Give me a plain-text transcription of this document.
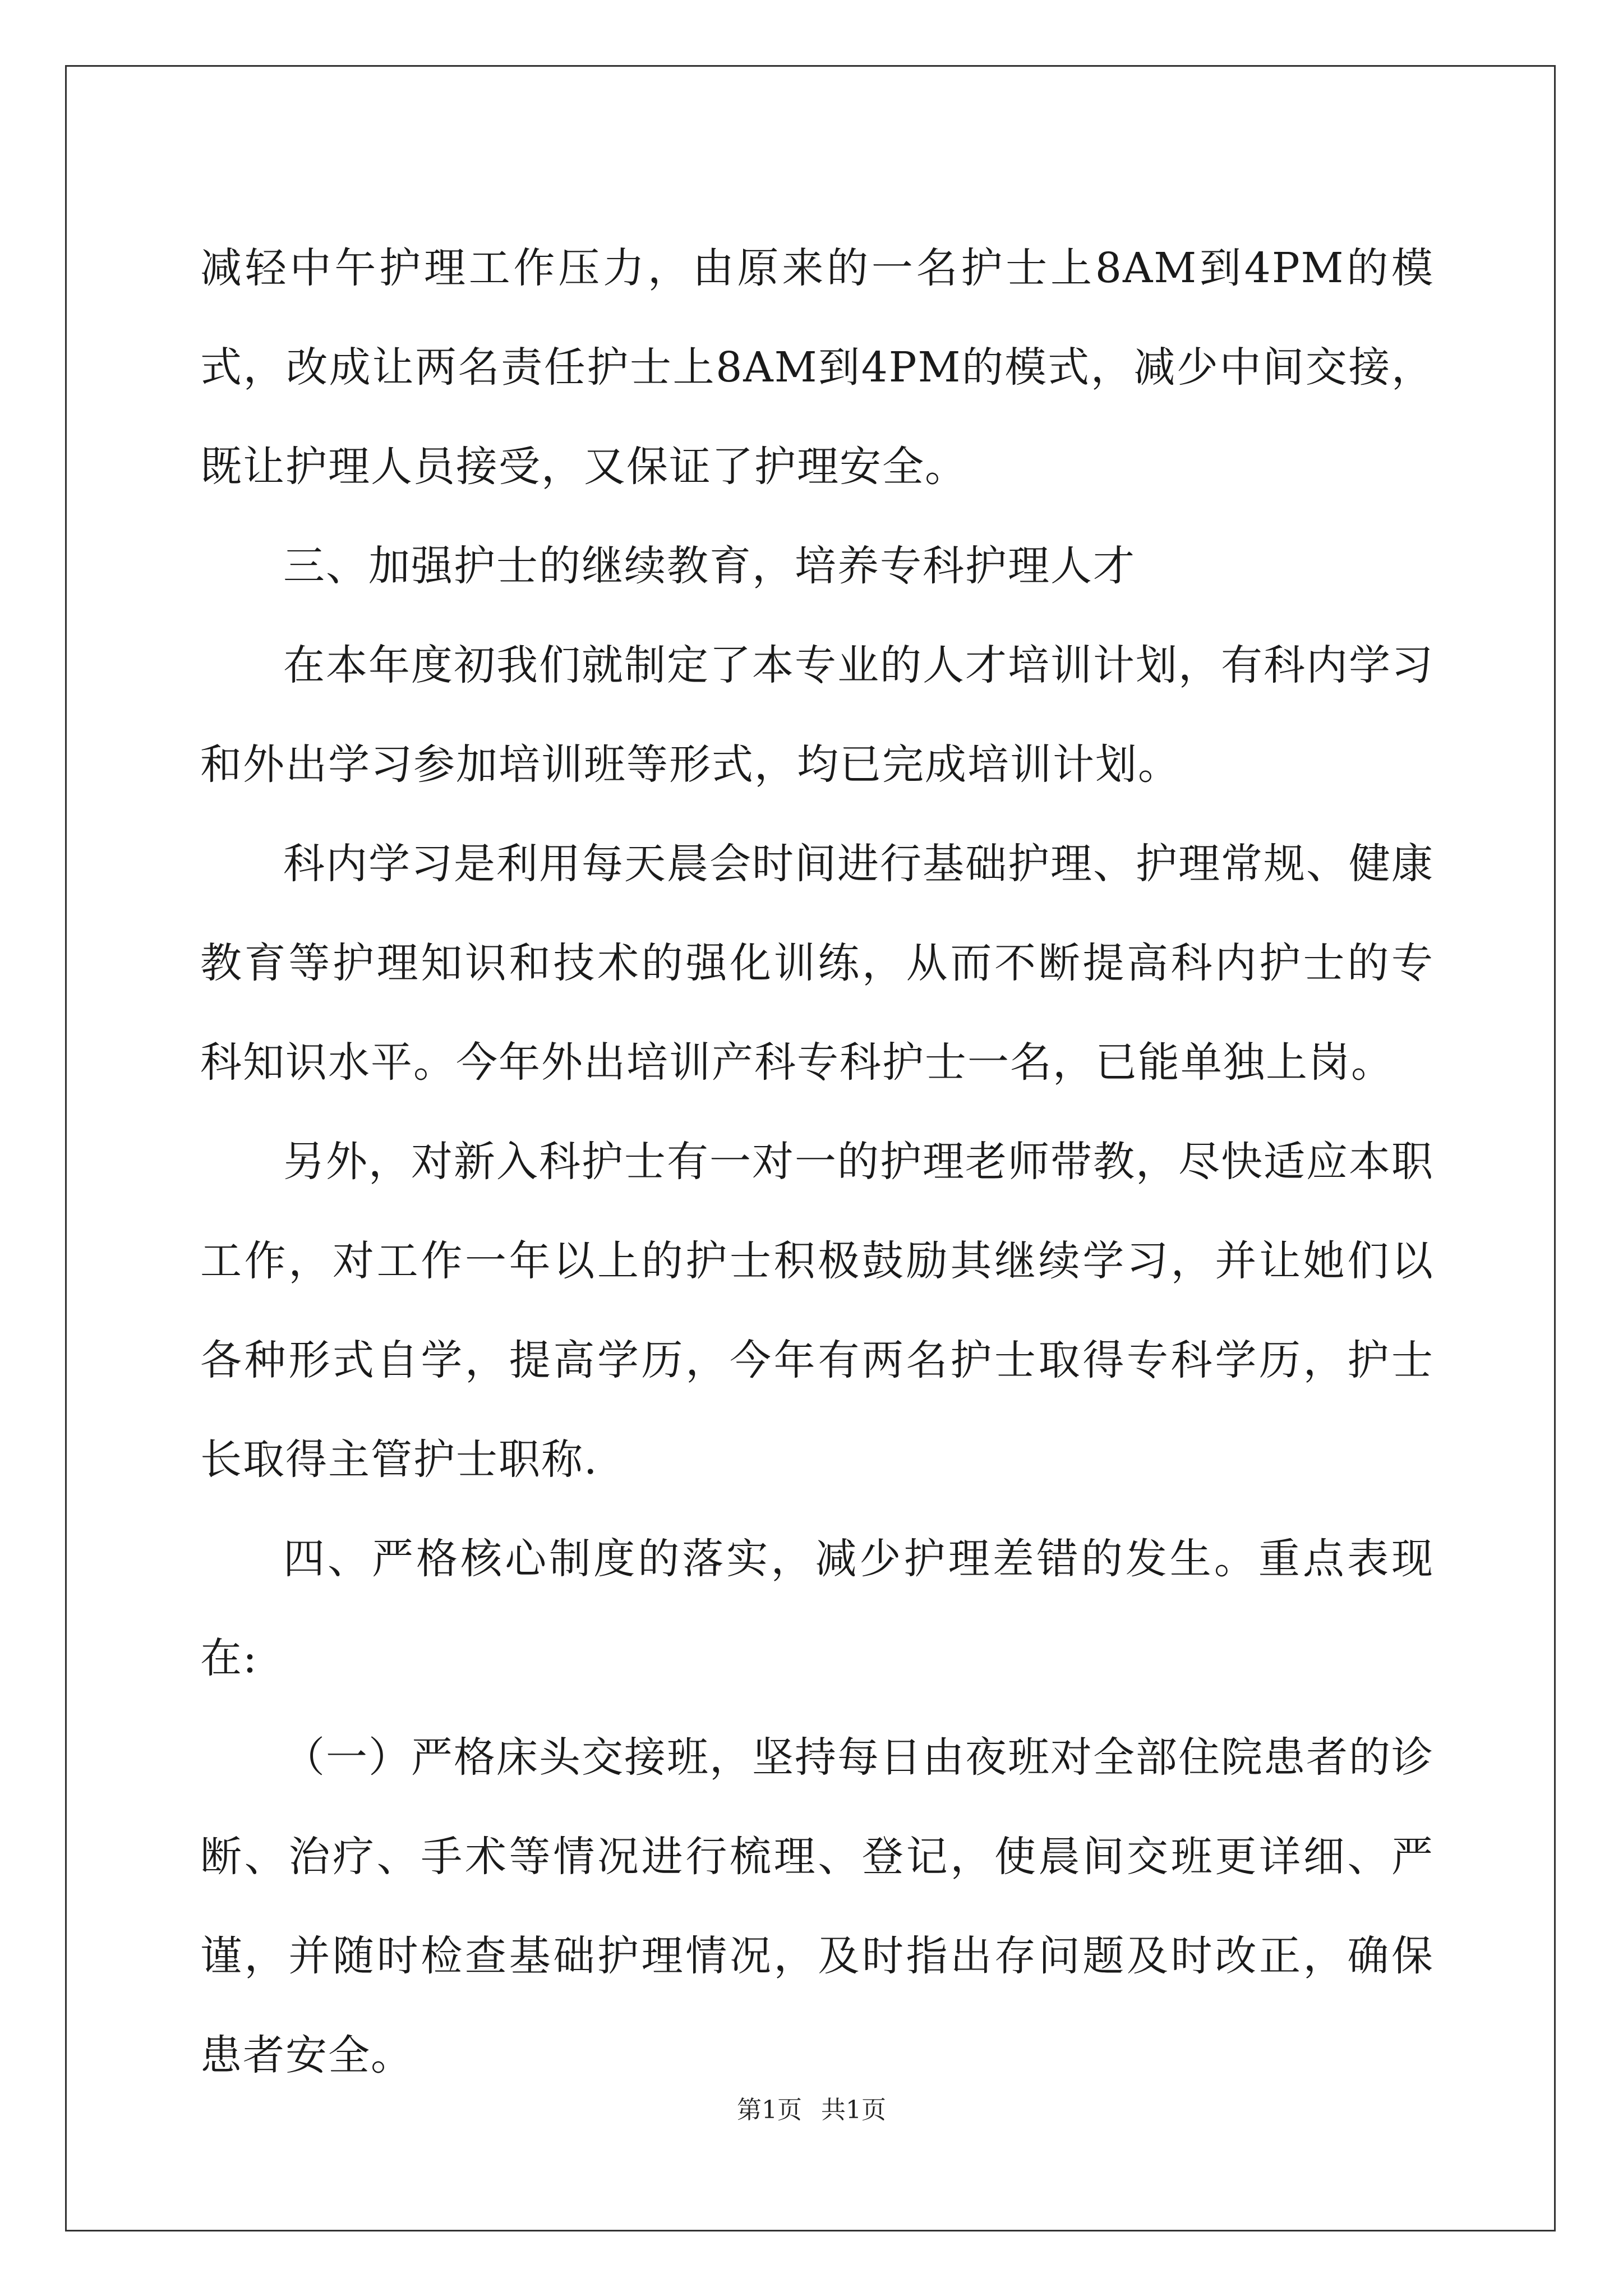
减轻中午护理工作压力，由原来的一名护士上8AM到4PM的模式，改成让两名责任护士上8AM到4PM的模式，减少中间交接，既让护理人员接受，又保证了护理安全。

三、加强护士的继续教育，培养专科护理人才

在本年度初我们就制定了本专业的人才培训计划，有科内学习和外出学习参加培训班等形式，均已完成培训计划。

科内学习是利用每天晨会时间进行基础护理、护理常规、健康教育等护理知识和技术的强化训练，从而不断提高科内护士的专科知识水平。今年外出培训产科专科护士一名，已能单独上岗。

另外，对新入科护士有一对一的护理老师带教，尽快适应本职工作，对工作一年以上的护士积极鼓励其继续学习，并让她们以各种形式自学，提高学历，今年有两名护士取得专科学历，护士长取得主管护士职称.

四、严格核心制度的落实，减少护理差错的发生。重点表现在:

（一）严格床头交接班，坚持每日由夜班对全部住院患者的诊断、治疗、手术等情况进行梳理、登记，使晨间交班更详细、严谨，并随时检查基础护理情况，及时指出存问题及时改正，确保患者安全。

第1页 共1页
